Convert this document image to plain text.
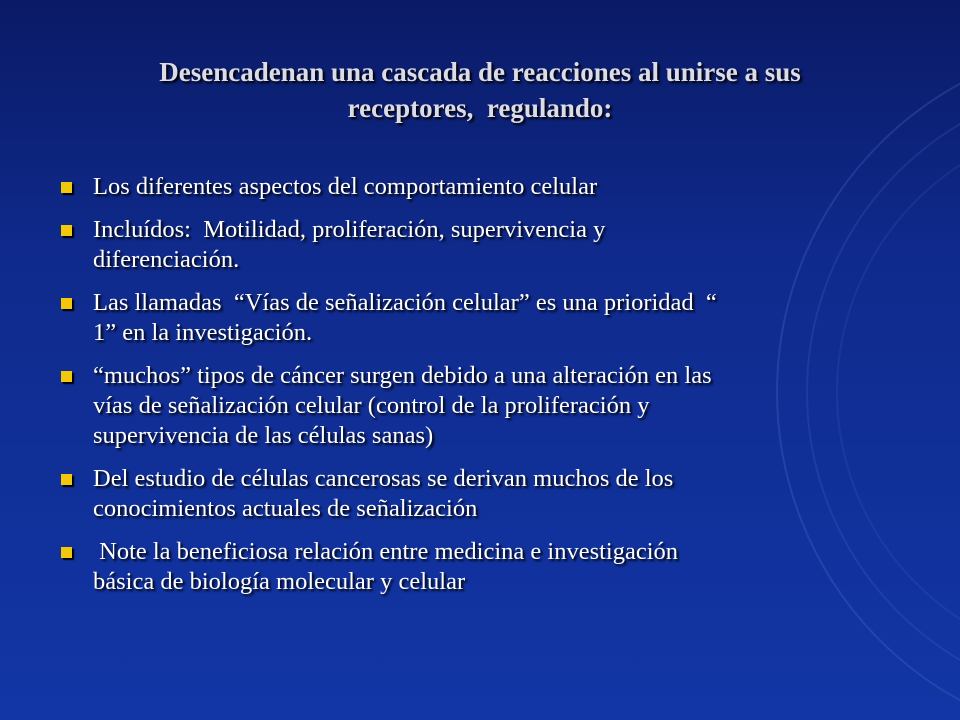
Desencadenan una cascada de reacciones al unirse a sus
receptores,  regulando:
Los diferentes aspectos del comportamiento celular
Incluídos:  Motilidad, proliferación, supervivencia y
diferenciación.
Las llamadas  “Vías de señalización celular” es una prioridad  “
1” en la investigación.
“muchos” tipos de cáncer surgen debido a una alteración en las
vías de señalización celular (control de la proliferación y
supervivencia de las células sanas)
Del estudio de células cancerosas se derivan muchos de los
conocimientos actuales de señalización
Note la beneficiosa relación entre medicina e investigación
básica de biología molecular y celular
